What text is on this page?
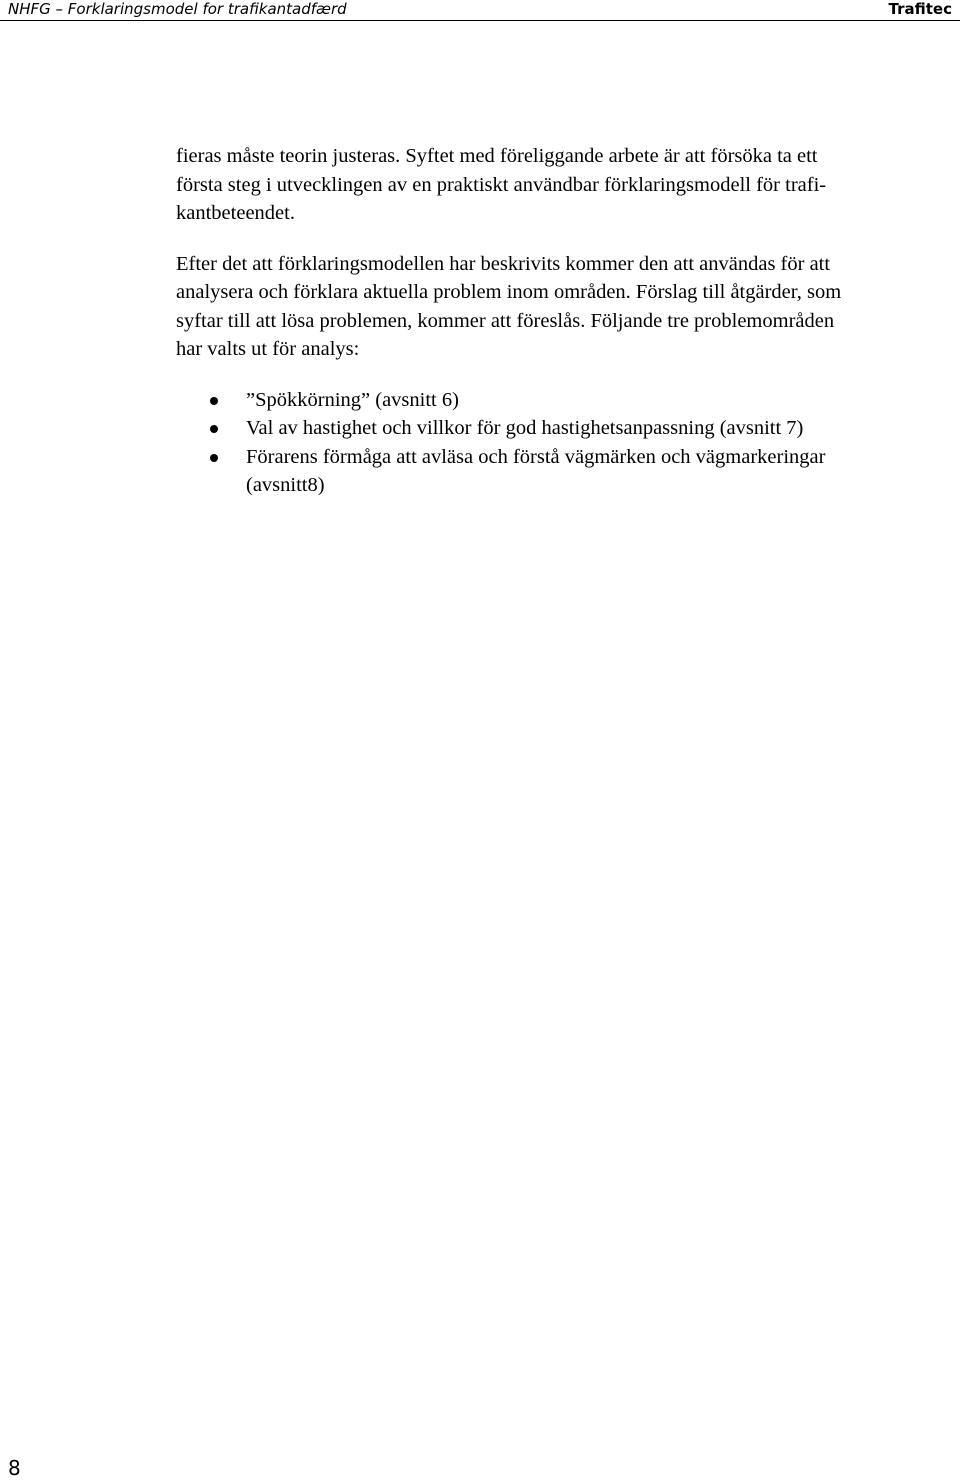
NHFG – Forklaringsmodel for trafikantadfærd	Trafitec

fieras måste teorin justeras. Syftet med föreliggande arbete är att försöka ta ett
första steg i utvecklingen av en praktiskt användbar förklaringsmodell för trafi-
kantbeteendet.

Efter det att förklaringsmodellen har beskrivits kommer den att användas för att
analysera och förklara aktuella problem inom områden. Förslag till åtgärder, som
syftar till att lösa problemen, kommer att föreslås. Följande tre problemområden
har valts ut för analys:

”Spökkörning” (avsnitt 6)
Val av hastighet och villkor för god hastighetsanpassning (avsnitt 7)
Förarens förmåga att avläsa och förstå vägmärken och vägmarkeringar
(avsnitt8)
8
